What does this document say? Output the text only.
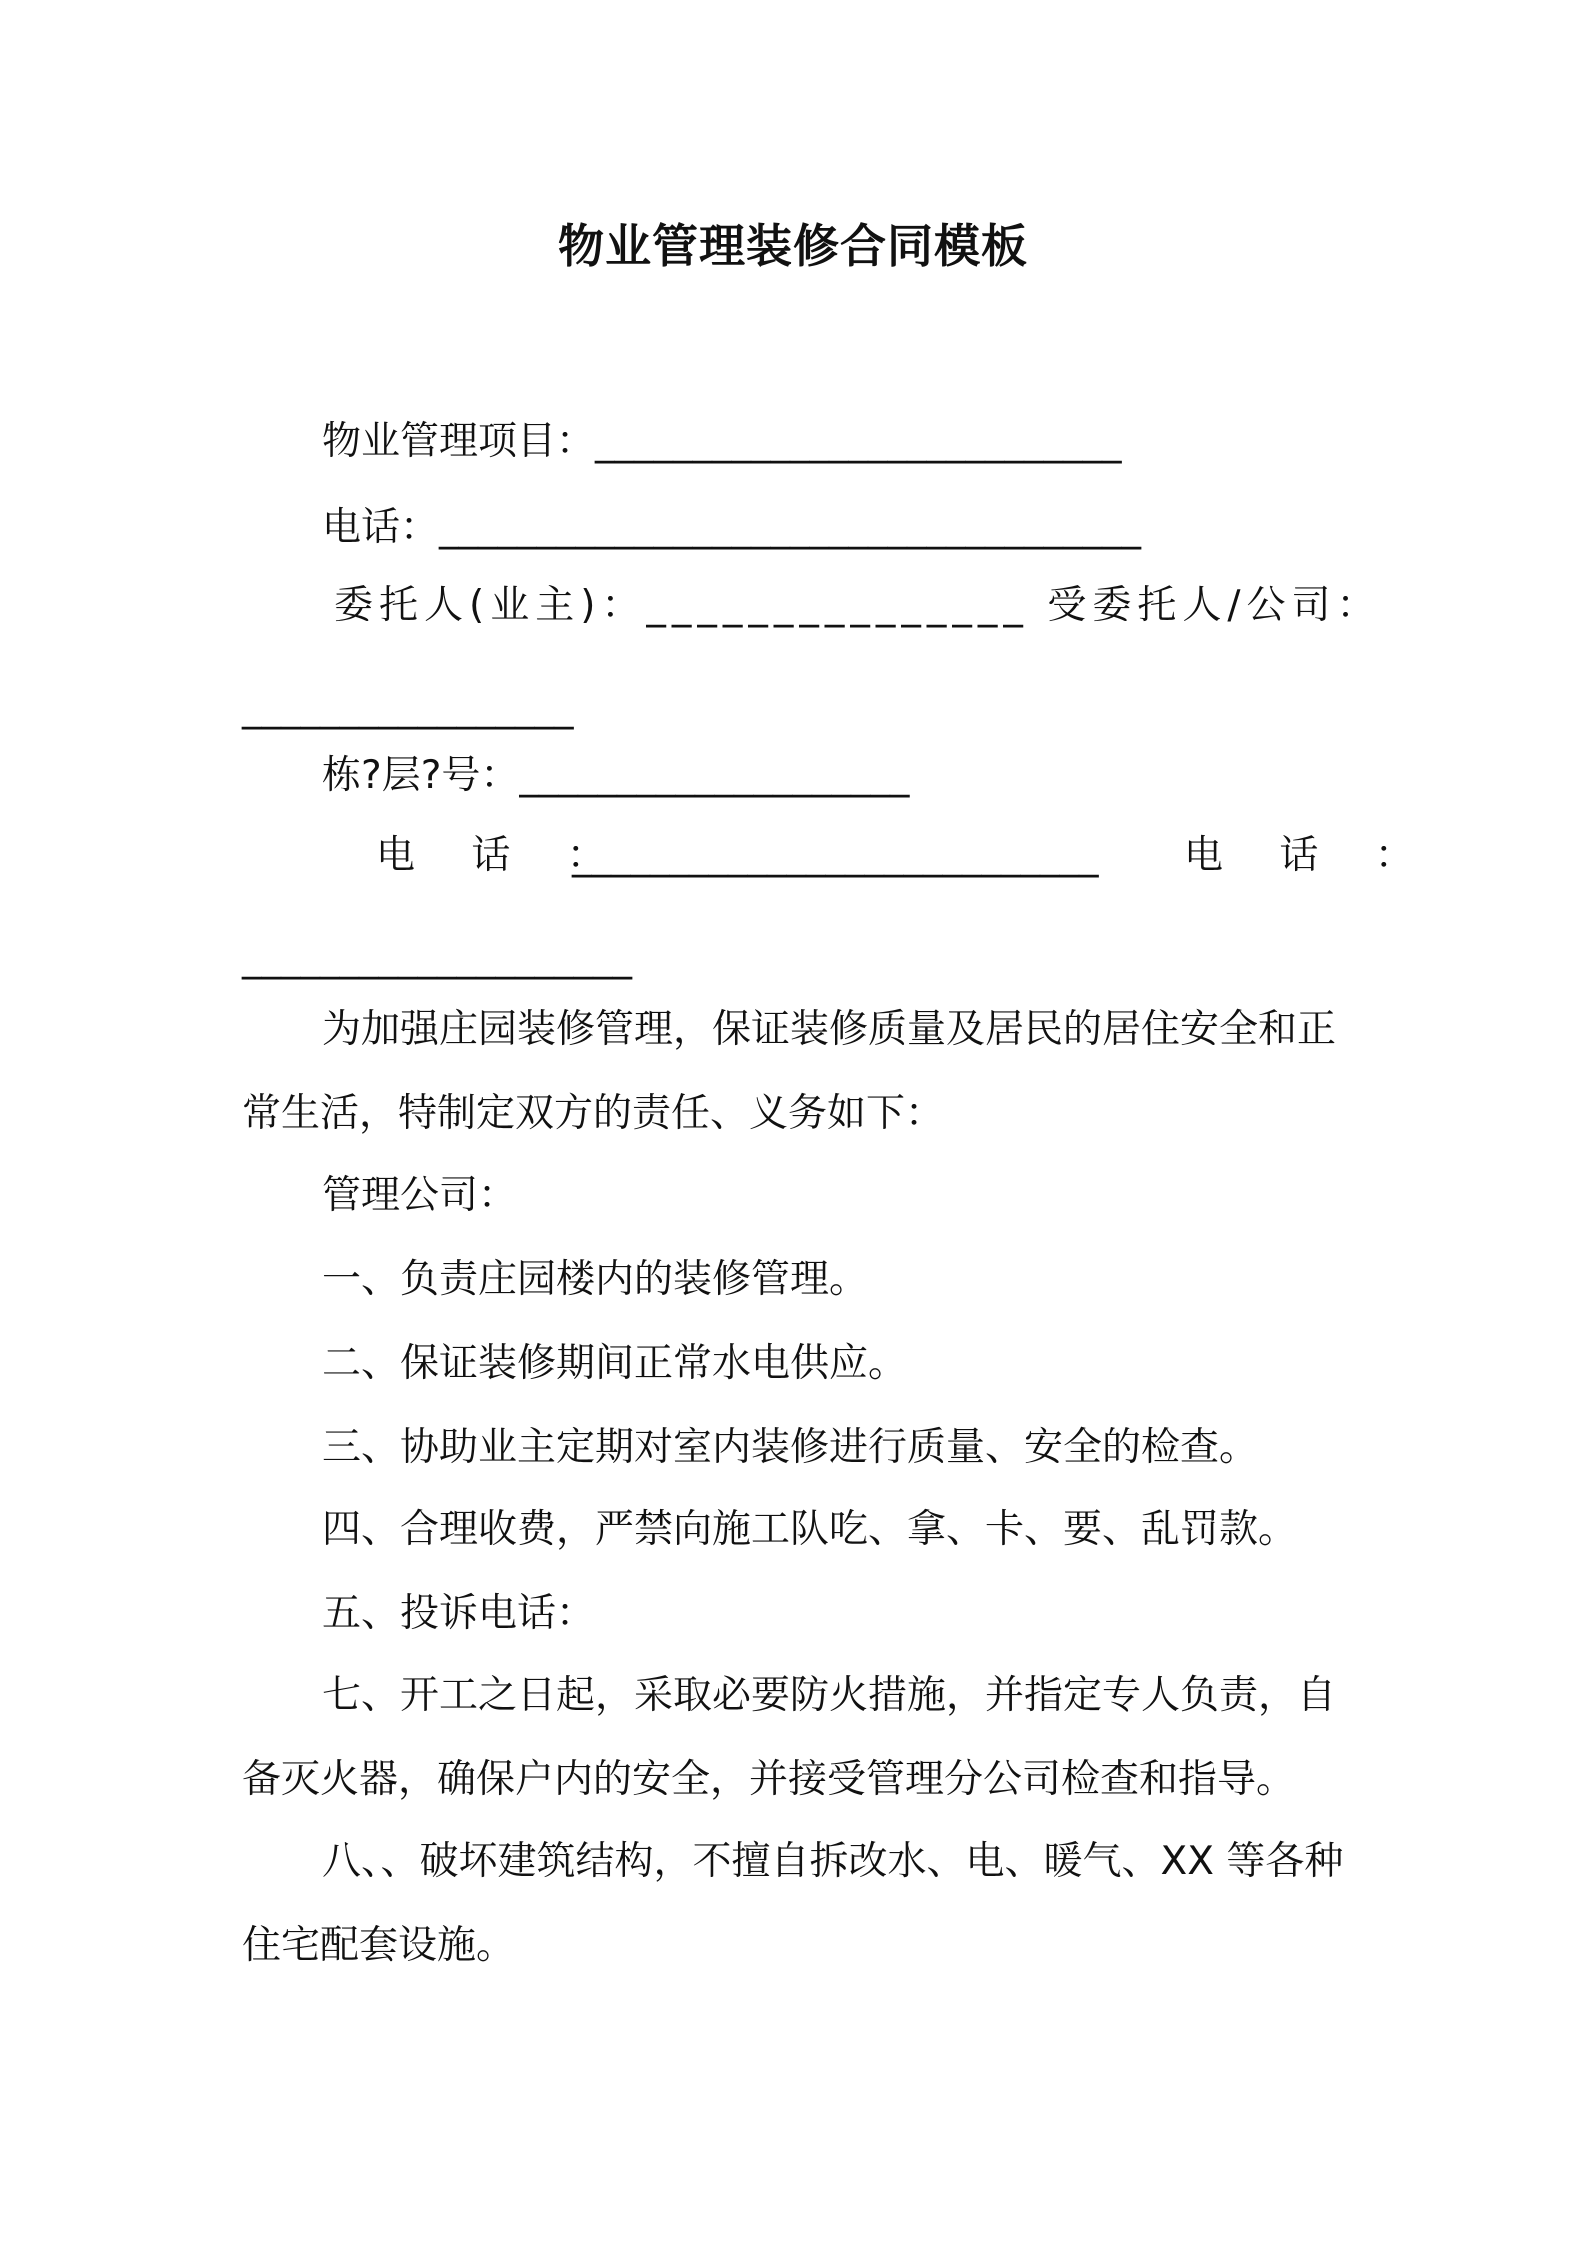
物业管理装修合同模板
物业管理项目：___________________________
电话：____________________________________
委托人(业主)：_______________ 受委托人/公司：
_________________
栋?层?号：____________________
电 话 ：
___________________________ 电 话 ：
____________________
为加强庄园装修管理，保证装修质量及居民的居住安全和正
常生活，特制定双方的责任、义务如下：
管理公司：
一、负责庄园楼内的装修管理。
二、保证装修期间正常水电供应。
三、协助业主定期对室内装修进行质量、安全的检查。
四、合理收费，严禁向施工队吃、拿、卡、要、乱罚款。
五、投诉电话：
七、开工之日起，采取必要防火措施，并指定专人负责，自
备灭火器，确保户内的安全，并接受管理分公司检查和指导。
八、、破坏建筑结构，不擅自拆改水、电、暖气、XX 等各种
住宅配套设施。
